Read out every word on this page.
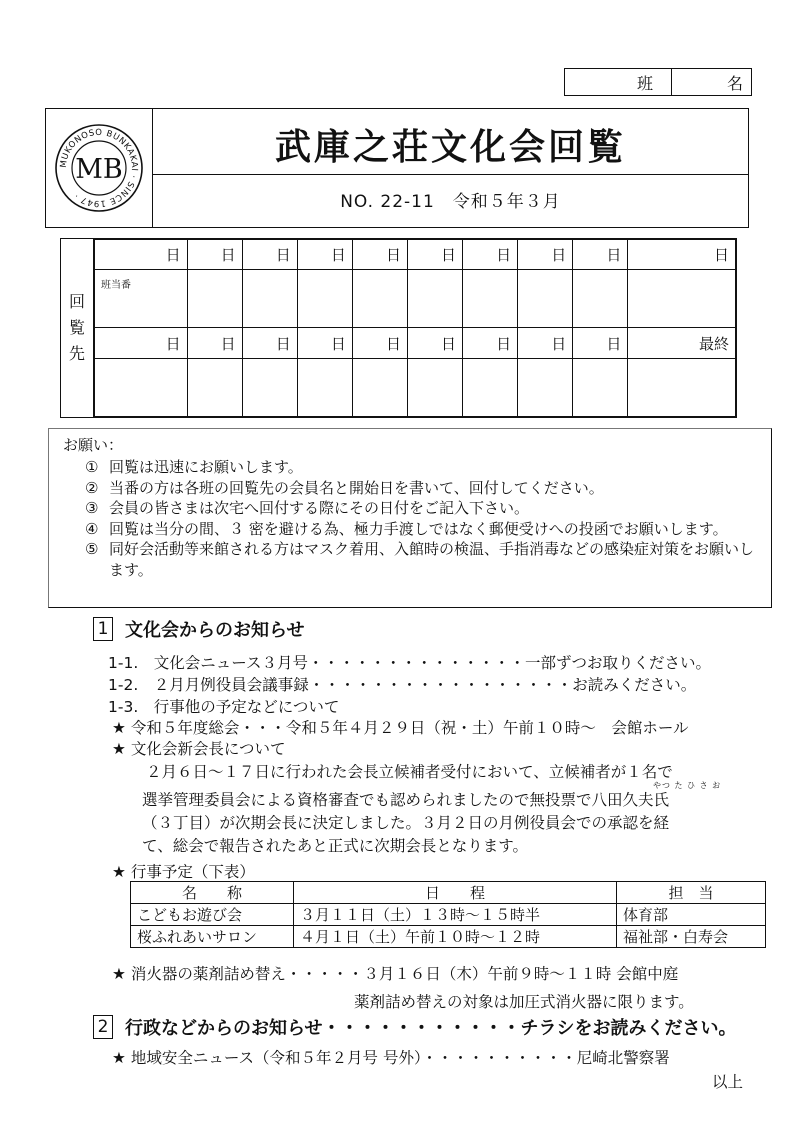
班	名
MUKONOSO BUNKAKAI · SINCE 1947 ·
MB
武庫之荘文化会回覧
NO. 22-11　令和５年３月
回
覧
先
日	日	日	日	日	日	日	日	日	日

班当番									

日	日	日	日	日	日	日	日	日	最終

お願い：
① 回覧は迅速にお願いします。
② 当番の方は各班の回覧先の会員名と開始日を書いて、回付してください。
③ 会員の皆さまは次宅へ回付する際にその日付をご記入下さい。
④ 回覧は当分の間、３ 密を避ける為、極力手渡しではなく郵便受けへの投函でお願いします。
⑤ 同好会活動等来館される方はマスク着用、入館時の検温、手指消毒などの感染症対策をお願いします。
1 文化会からのお知らせ
1-1.　文化会ニュース３月号・・・・・・・・・・・・・・一部ずつお取りください。
1-2.　２月月例役員会議事録・・・・・・・・・・・・・・・・・お読みください。
1-3.　行事他の予定などについて
★ 令和５年度総会・・・令和５年４月２９日（祝・土）午前１０時～　会館ホール
★ 文化会新会長について
２月６日～１７日に行われた会長立候補者受付において、立候補者が１名で
やつ た ひ さ お
選挙管理委員会による資格審査でも認められましたので無投票で八田久夫氏
（３丁目）が次期会長に決定しました。３月２日の月例役員会での承認を経
て、総会で報告されたあと正式に次期会長となります。
★ 行事予定（下表）
名　　称	日　　程	担　当
こどもお遊び会	３月１１日（土）１３時～１５時半	体育部
桜ふれあいサロン	４月１日（土）午前１０時～１２時	福祉部・白寿会
★ 消火器の薬剤詰め替え・・・・・３月１６日（木）午前９時～１１時 会館中庭
薬剤詰め替えの対象は加圧式消火器に限ります。
2 行政などからのお知らせ・・・・・・・・・・・チラシをお読みください。
★ 地域安全ニュース（令和５年２月号 号外）・・・・・・・・・・尼崎北警察署
以上
